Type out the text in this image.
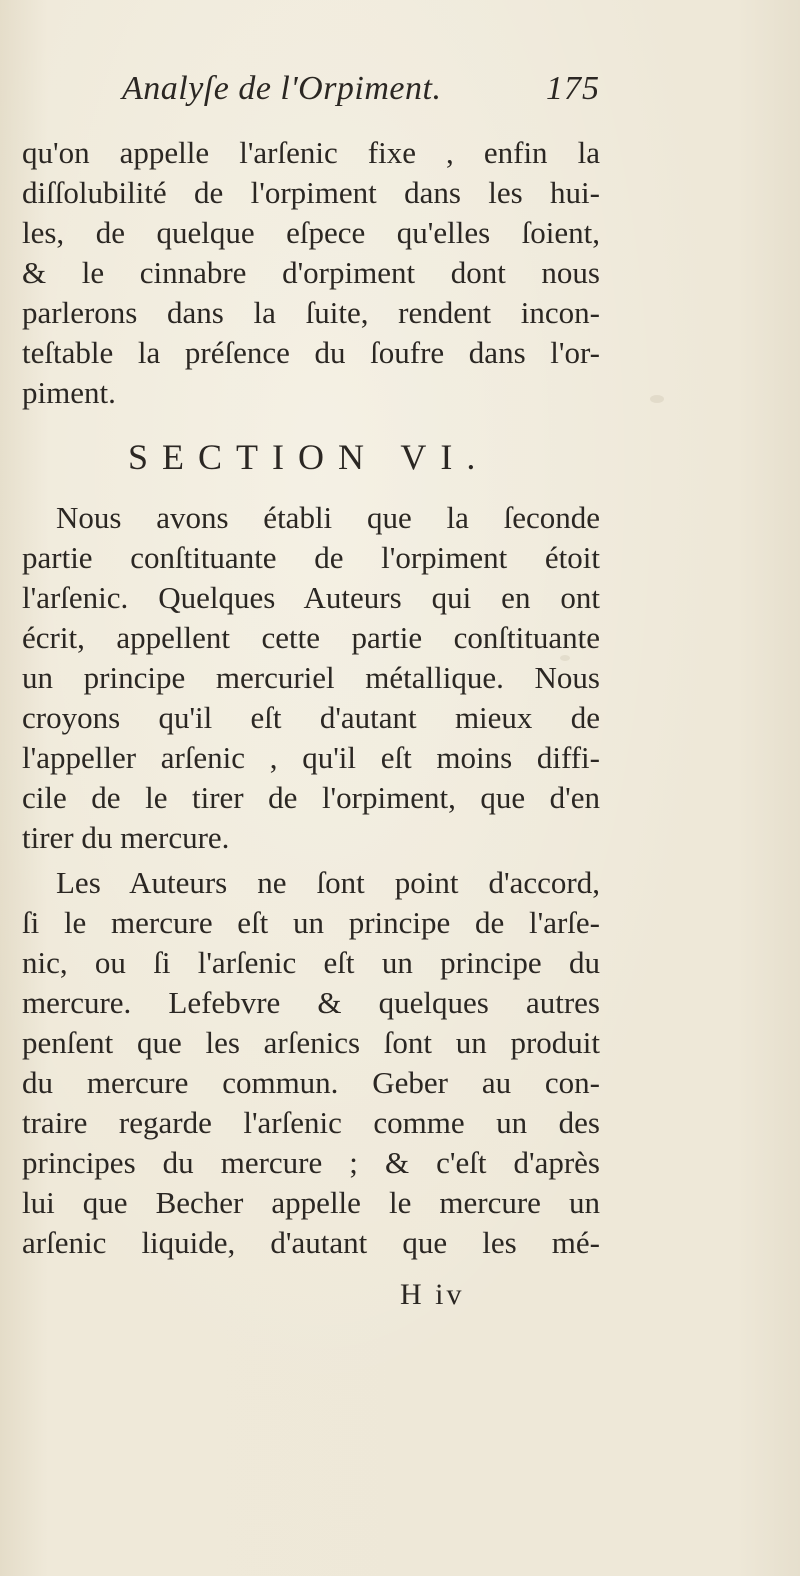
Analyſe de l'Orpiment.	175
qu'on appelle l'arſenic fixe , enfin la
diſſolubilité de l'orpiment dans les hui-
les, de quelque eſpece qu'elles ſoient,
& le cinnabre d'orpiment dont nous
parlerons dans la ſuite, rendent incon-
teſtable la préſence du ſoufre dans l'or-
piment.
SECTION VI.
Nous avons établi que la ſeconde
partie conſtituante de l'orpiment étoit
l'arſenic. Quelques Auteurs qui en ont
écrit, appellent cette partie conſtituante
un principe mercuriel métallique. Nous
croyons qu'il eſt d'autant mieux de
l'appeller arſenic , qu'il eſt moins diffi-
cile de le tirer de l'orpiment, que d'en
tirer du mercure.
Les Auteurs ne ſont point d'accord,
ſi le mercure eſt un principe de l'arſe-
nic, ou ſi l'arſenic eſt un principe du
mercure. Lefebvre & quelques autres
penſent que les arſenics ſont un produit
du mercure commun. Geber au con-
traire regarde l'arſenic comme un des
principes du mercure ; & c'eſt d'après
lui que Becher appelle le mercure un
arſenic liquide, d'autant que les mé-
H iv
